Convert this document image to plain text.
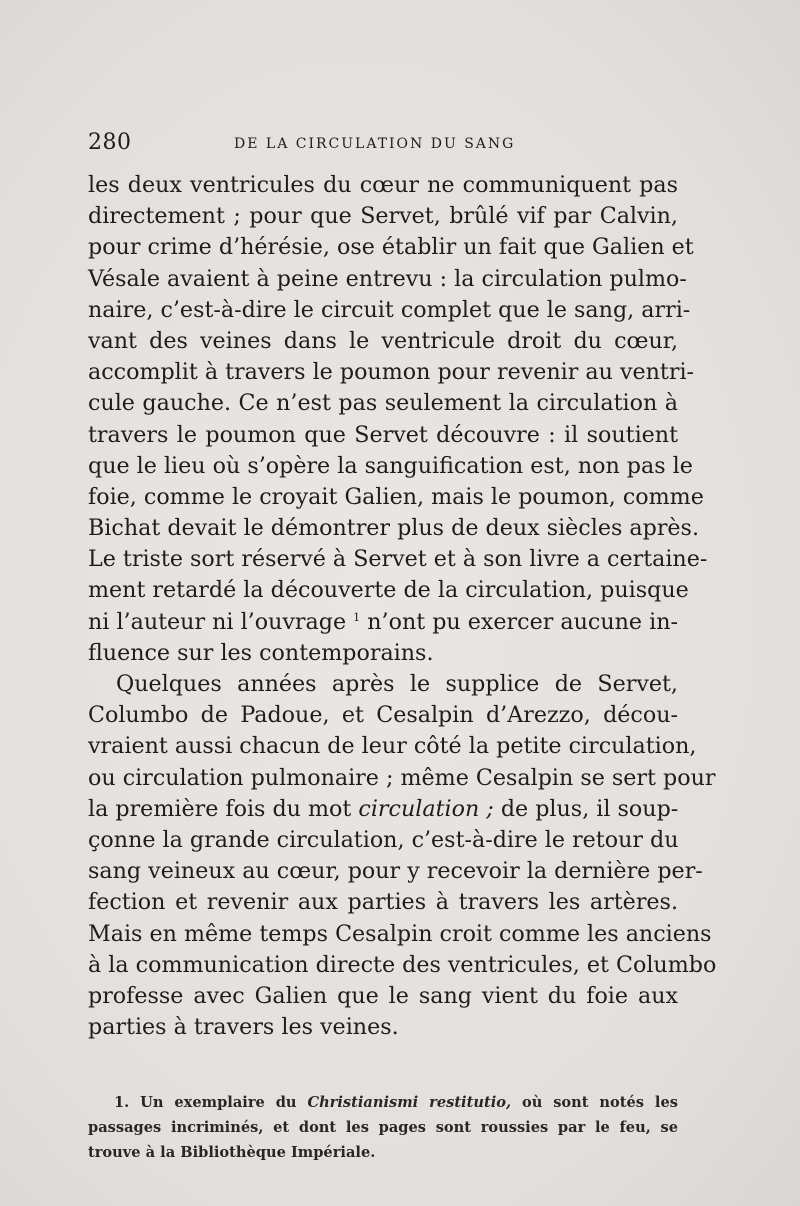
280	DE LA CIRCULATION DU SANG
les deux ventricules du cœur ne communiquent pas
directement ; pour que Servet, brûlé vif par Calvin,
pour crime d’hérésie, ose établir un fait que Galien et
Vésale avaient à peine entrevu : la circulation pulmo-
naire, c’est-à-dire le circuit complet que le sang, arri-
vant des veines dans le ventricule droit du cœur,
accomplit à travers le poumon pour revenir au ventri-
cule gauche. Ce n’est pas seulement la circulation à
travers le poumon que Servet découvre : il soutient
que le lieu où s’opère la sanguification est, non pas le
foie, comme le croyait Galien, mais le poumon, comme
Bichat devait le démontrer plus de deux siècles après.
Le triste sort réservé à Servet et à son livre a certaine-
ment retardé la découverte de la circulation, puisque
ni l’auteur ni l’ouvrage $^1$ n’ont pu exercer aucune in-
fluence sur les contemporains.
Quelques années après le supplice de Servet,
Columbo de Padoue, et Cesalpin d’Arezzo, décou-
vraient aussi chacun de leur côté la petite circulation,
ou circulation pulmonaire ; même Cesalpin se sert pour
la première fois du mot circulation ; de plus, il soup-
çonne la grande circulation, c’est-à-dire le retour du
sang veineux au cœur, pour y recevoir la dernière per-
fection et revenir aux parties à travers les artères.
Mais en même temps Cesalpin croit comme les anciens
à la communication directe des ventricules, et Columbo
professe avec Galien que le sang vient du foie aux
parties à travers les veines.
1. Un exemplaire du Christianismi restitutio, où sont notés les
passages incriminés, et dont les pages sont roussies par le feu, se
trouve à la Bibliothèque Impériale.
